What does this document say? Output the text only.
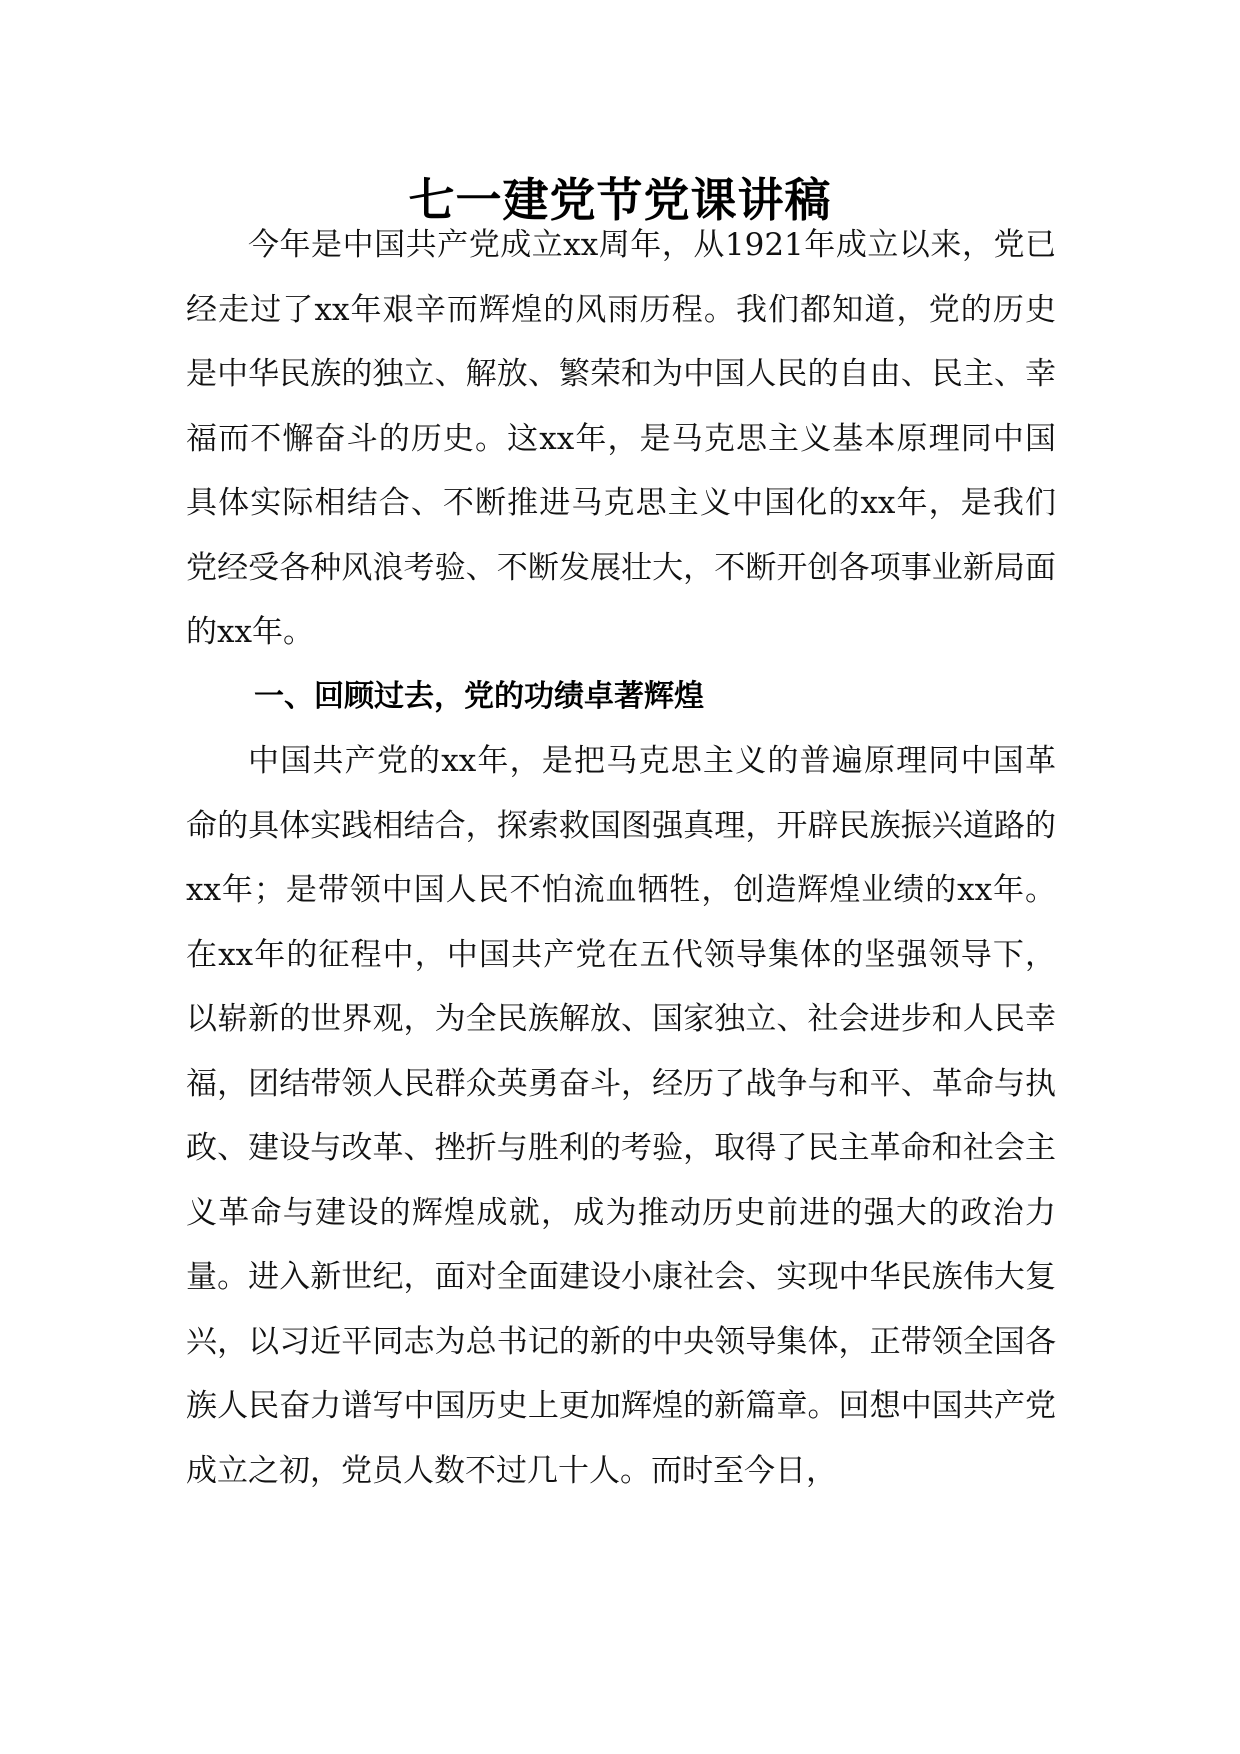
七一建党节党课讲稿

今年是中国共产党成立xx周年，从1921年成立以来，党已经走过了xx年艰辛而辉煌的风雨历程。我们都知道，党的历史是中华民族的独立、解放、繁荣和为中国人民的自由、民主、幸福而不懈奋斗的历史。这xx年，是马克思主义基本原理同中国具体实际相结合、不断推进马克思主义中国化的xx年，是我们党经受各种风浪考验、不断发展壮大，不断开创各项事业新局面的xx年。

一、回顾过去，党的功绩卓著辉煌

中国共产党的xx年，是把马克思主义的普遍原理同中国革命的具体实践相结合，探索救国图强真理，开辟民族振兴道路的xx年；是带领中国人民不怕流血牺牲，创造辉煌业绩的xx年。在xx年的征程中，中国共产党在五代领导集体的坚强领导下，以崭新的世界观，为全民族解放、国家独立、社会进步和人民幸福，团结带领人民群众英勇奋斗，经历了战争与和平、革命与执政、建设与改革、挫折与胜利的考验，取得了民主革命和社会主义革命与建设的辉煌成就，成为推动历史前进的强大的政治力量。进入新世纪，面对全面建设小康社会、实现中华民族伟大复兴，以习近平同志为总书记的新的中央领导集体，正带领全国各族人民奋力谱写中国历史上更加辉煌的新篇章。回想中国共产党成立之初，党员人数不过几十人。而时至今日，
